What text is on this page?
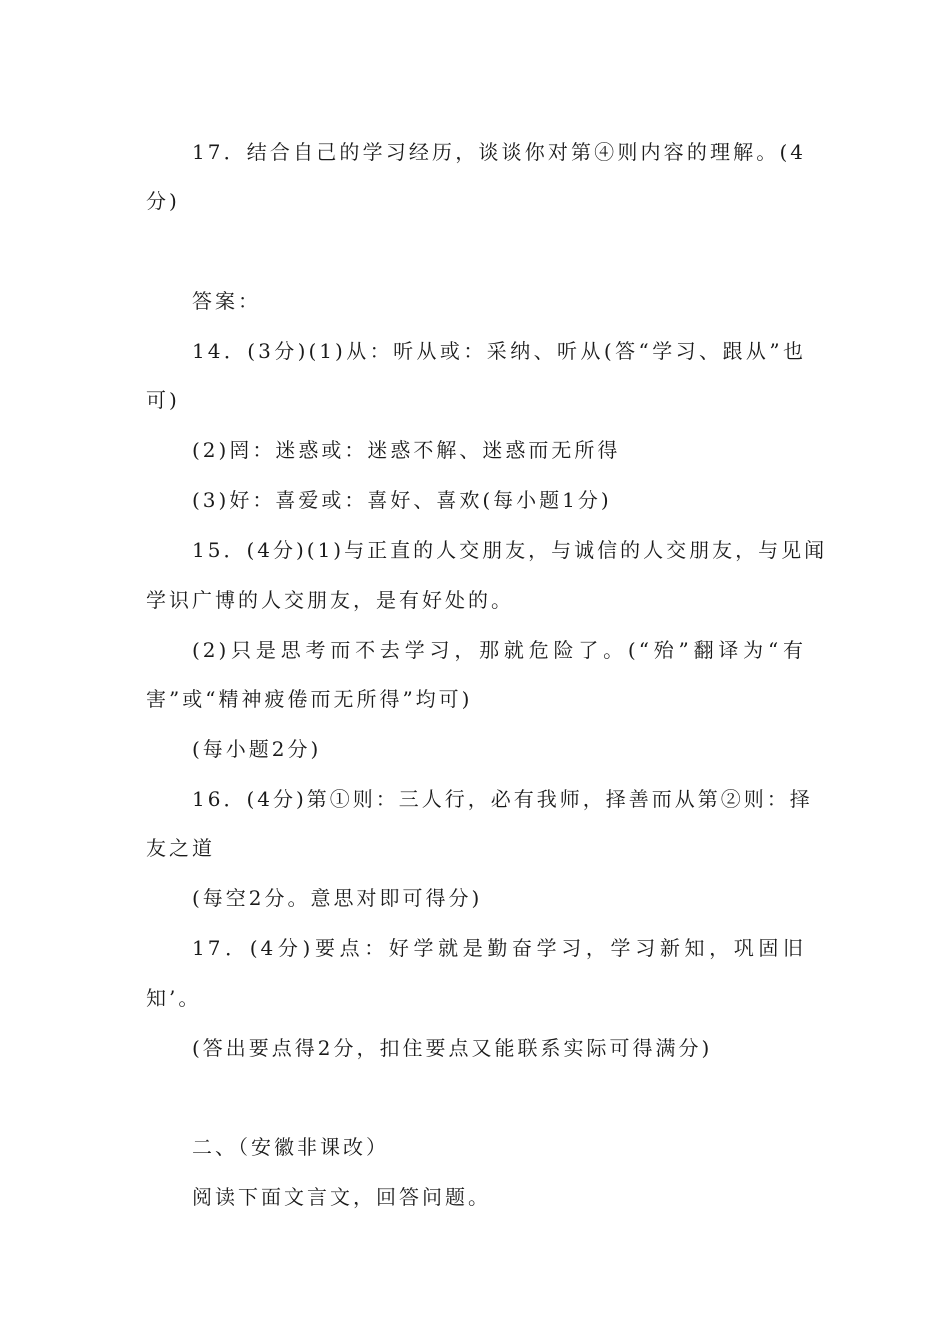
17．结合自己的学习经历，谈谈你对第④则内容的理解。(4
分)
答案：
14．(3分)(1)从：听从或：采纳、听从(答“学习、跟从”也
可)
(2)罔：迷惑或：迷惑不解、迷惑而无所得
(3)好：喜爱或：喜好、喜欢(每小题1分)
15．(4分)(1)与正直的人交朋友，与诚信的人交朋友，与见闻
学识广博的人交朋友，是有好处的。
(2)只是思考而不去学习，那就危险了。(“殆”翻译为“有
害”或“精神疲倦而无所得”均可)
(每小题2分)
16．(4分)第①则：三人行，必有我师，择善而从第②则：择
友之道
(每空2分。意思对即可得分)
17．(4分)要点：好学就是勤奋学习，学习新知，巩固旧
知’。
(答出要点得2分，扣住要点又能联系实际可得满分)
二、（安徽非课改）
阅读下面文言文，回答问题。
